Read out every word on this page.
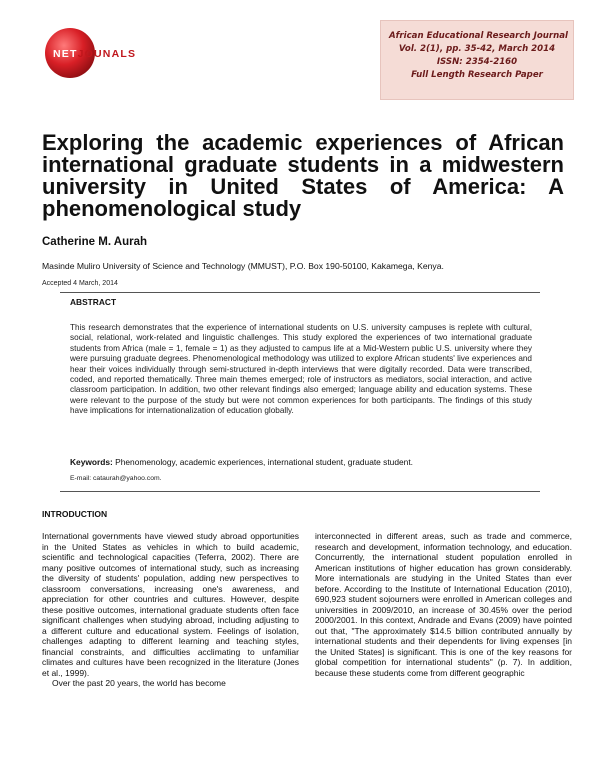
NETJOUNALS
African Educational Research Journal
Vol. 2(1), pp. 35-42, March 2014
ISSN: 2354-2160
Full Length Research Paper
Exploring the academic experiences of African international graduate students in a midwestern university in United States of America: A phenomenological study
Catherine M. Aurah
Masinde Muliro University of Science and Technology (MMUST), P.O. Box 190-50100, Kakamega, Kenya.
Accepted 4 March, 2014
ABSTRACT

This research demonstrates that the experience of international students on U.S. university campuses is replete with cultural, social, relational, work-related and linguistic challenges. This study explored the experiences of two international graduate students from Africa (male = 1, female = 1) as they adjusted to campus life at a Mid-Western public U.S. university where they were pursuing graduate degrees. Phenomenological methodology was utilized to explore African students' live experiences and hear their voices individually through semi-structured in-depth interviews that were digitally recorded. Data were transcribed, coded, and reported thematically. Three main themes emerged; role of instructors as mediators, social interaction, and active classroom participation. In addition, two other relevant findings also emerged; language ability and education systems. These were relevant to the purpose of the study but were not common experiences for both participants. The findings of this study have implications for internationalization of education globally.

Keywords: Phenomenology, academic experiences, international student, graduate student.
E-mail: cataurah@yahoo.com.
INTRODUCTION

International governments have viewed study abroad opportunities in the United States as vehicles in which to build academic, scientific and technological capacities (Teferra, 2002). There are many positive outcomes of international study, such as increasing the diversity of students' population, adding new perspectives to classroom conversations, increasing one's awareness, and appreciation for other countries and cultures. However, despite these positive outcomes, international graduate students often face significant challenges when studying abroad, including adjusting to a different culture and educational system. Feelings of isolation, challenges adapting to different learning and teaching styles, financial constraints, and difficulties acclimating to unfamiliar climates and cultures have been recognized in the literature (Jones et al., 1999).

Over the past 20 years, the world has become

interconnected in different areas, such as trade and commerce, research and development, information technology, and education. Concurrently, the international student population enrolled in American institutions of higher education has grown considerably. More internationals are studying in the United States than ever before. According to the Institute of International Education (2010), 690,923 student sojourners were enrolled in American colleges and universities in 2009/2010, an increase of 30.45% over the period 2000/2001. In this context, Andrade and Evans (2009) have pointed out that, "The approximately $14.5 billion contributed annually by international students and their dependents for living expenses [in the United States] is significant. This is one of the key reasons for global competition for international students" (p. 7). In addition, because these students come from different geographic
